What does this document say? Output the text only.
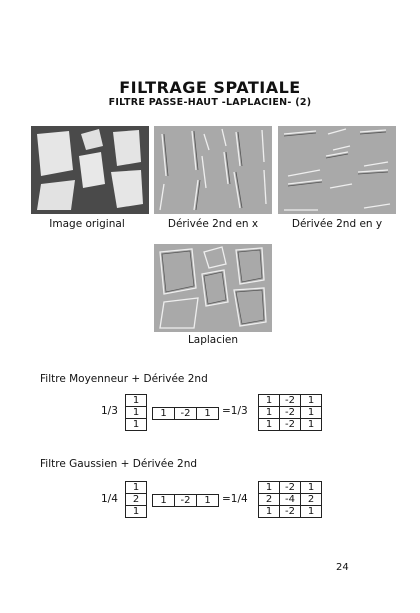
FILTRAGE SPATIALE
FILTRE PASSE-HAUT -LAPLACIEN- (2)
Image original	Dérivée 2nd en x	Dérivée 2nd en y
Laplacien
Filtre Moyenneur + Dérivée 2nd
1/3
1
1
1
1	-2	1 =1/3
1	-2	1
1	-2	1
1	-2	1
Filtre Gaussien + Dérivée 2nd
1/4
1
2
1
1	-2	1 =1/4
1	-2	1
2	-4	2
1	-2	1
24
